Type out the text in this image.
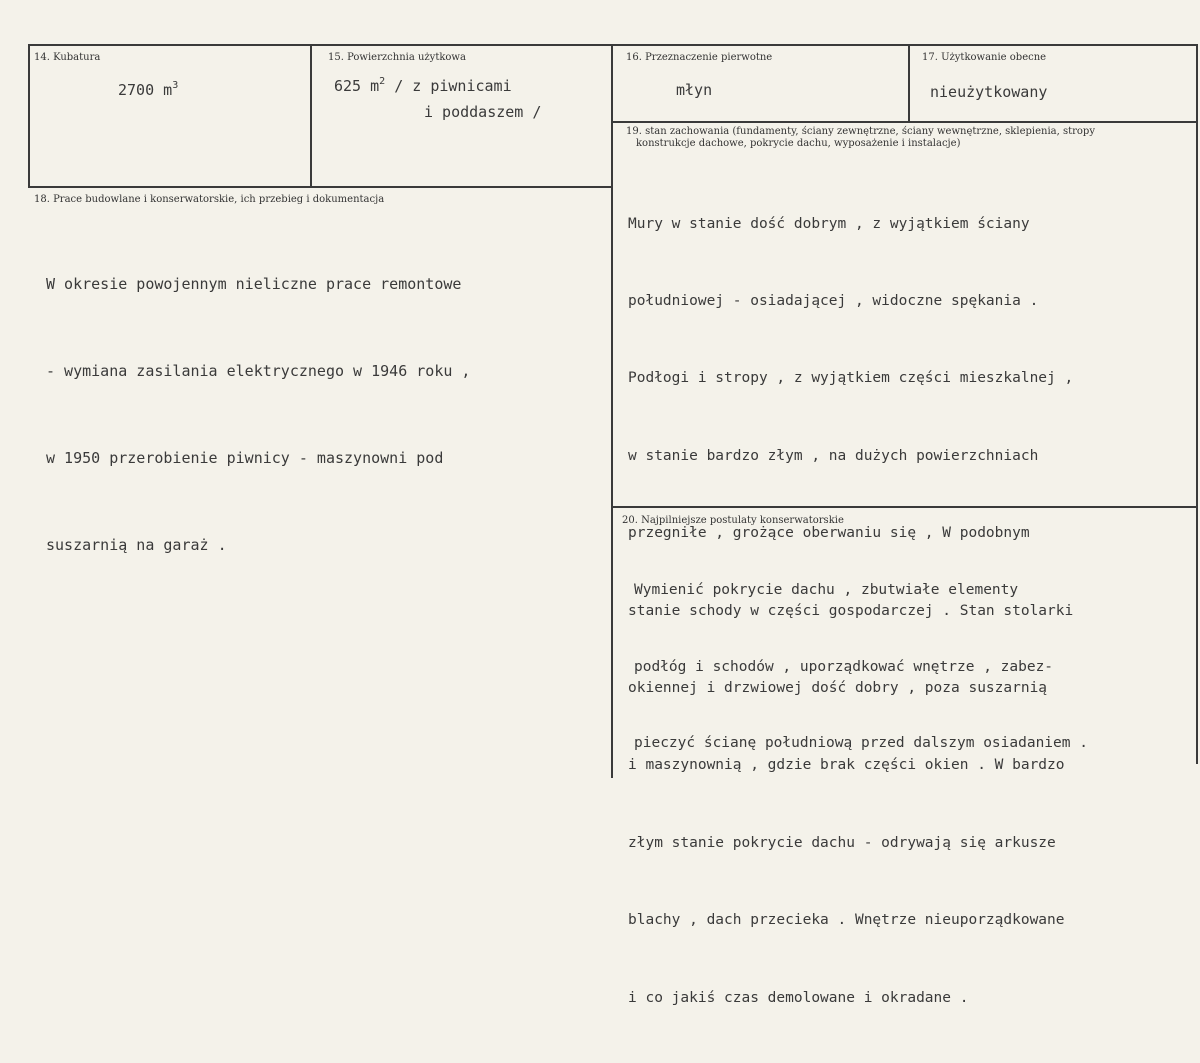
14. Kubatura
2700 $m^3$
15. Powierzchnia użytkowa
625 $m^2$ / z piwnicami
i poddaszem /
16. Przeznaczenie pierwotne
młyn
17. Użytkowanie obecne
nieużytkowany
18. Prace budowlane i konserwatorskie, ich przebieg i dokumentacja

W okresie powojennym nieliczne prace remontowe

- wymiana zasilania elektrycznego w 1946 roku ,

w 1950 przerobienie piwnicy - maszynowni pod

suszarnią na garaż .

19. stan zachowania (fundamenty, ściany zewnętrzne, ściany wewnętrzne, sklepienia, stropy
konstrukcje dachowe, pokrycie dachu, wyposażenie i instalacje)

Mury w stanie dość dobrym , z wyjątkiem ściany

południowej - osiadającej , widoczne spękania .

Podłogi i stropy , z wyjątkiem części mieszkalnej ,

w stanie bardzo złym , na dużych powierzchniach

przegniłe , grożące oberwaniu się , W podobnym

stanie schody w części gospodarczej . Stan stolarki

okiennej i drzwiowej dość dobry , poza suszarnią

i maszynownią , gdzie brak części okien . W bardzo

złym stanie pokrycie dachu - odrywają się arkusze

blachy , dach przecieka . Wnętrze nieuporządkowane

i co jakiś czas demolowane i okradane .

20. Najpilniejsze postulaty konserwatorskie

Wymienić pokrycie dachu , zbutwiałe elementy

podłóg i schodów , uporządkować wnętrze , zabez-

pieczyć ścianę południową przed dalszym osiadaniem .
